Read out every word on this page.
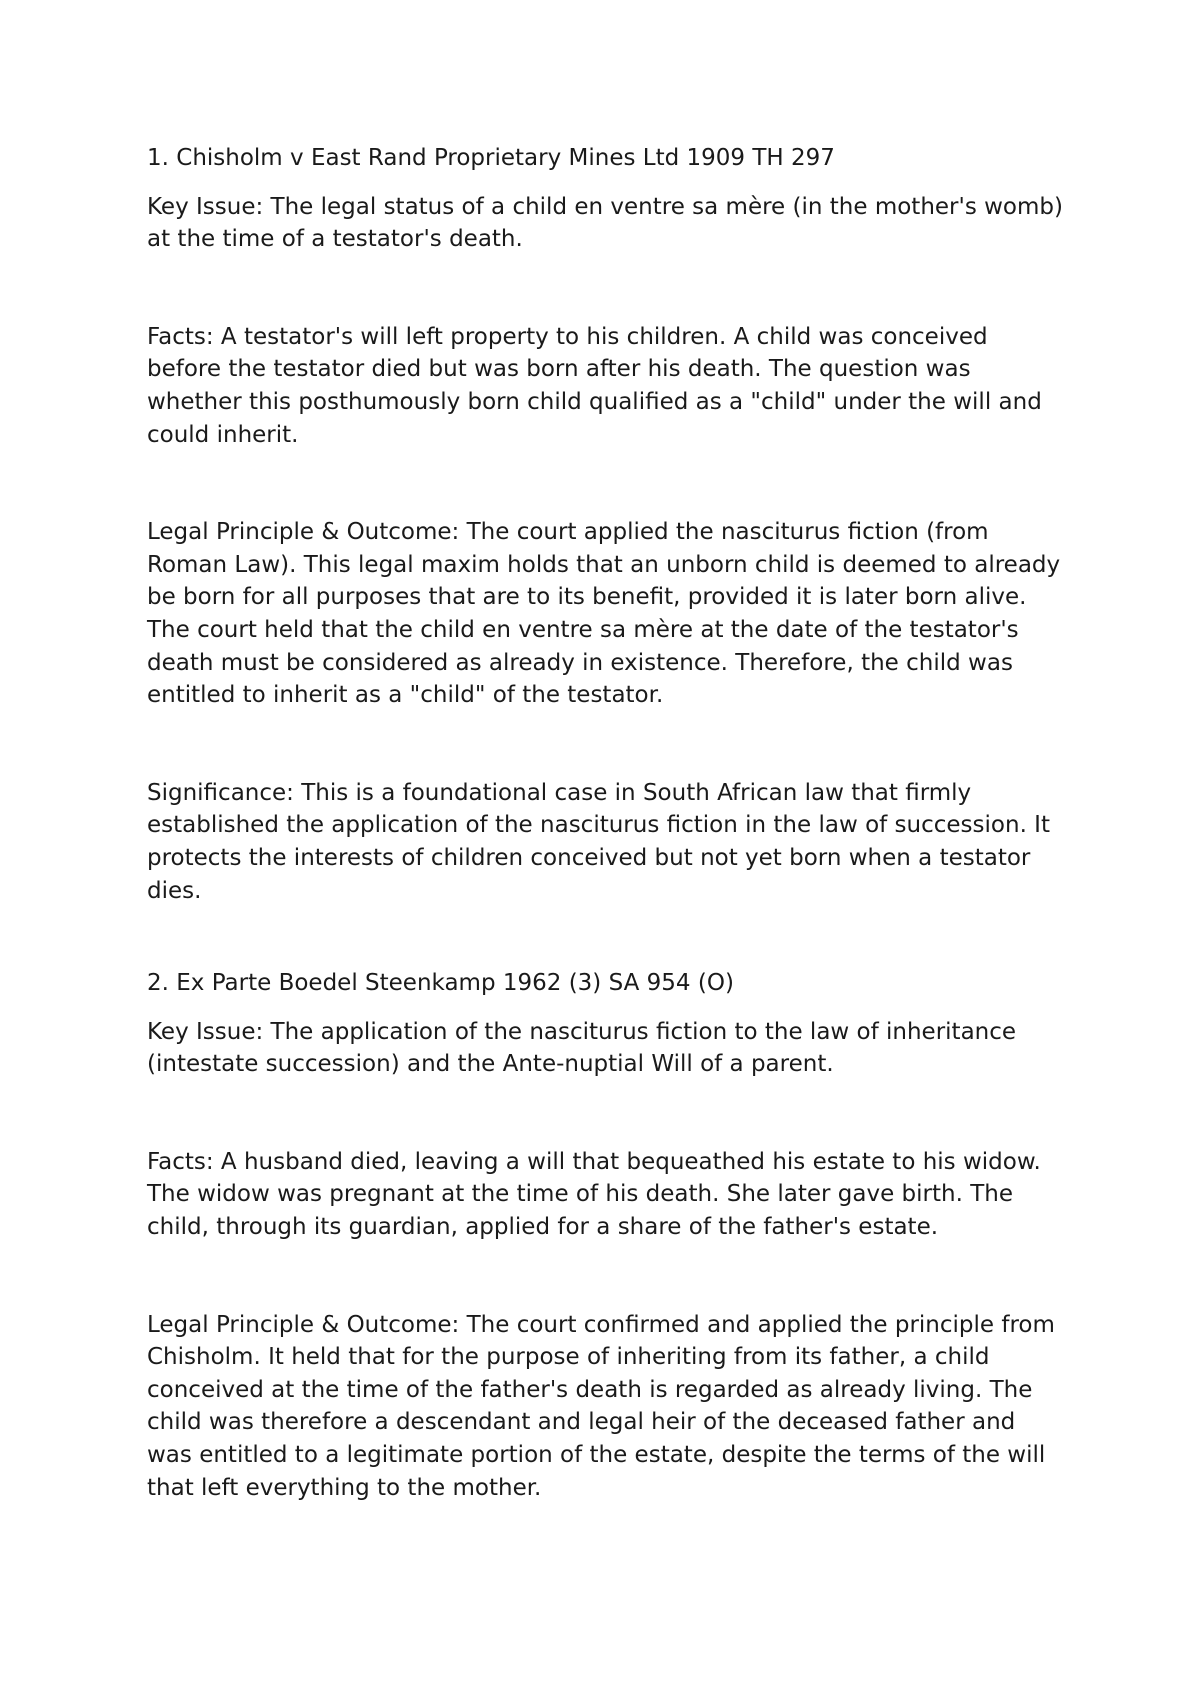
1. Chisholm v East Rand Proprietary Mines Ltd 1909 TH 297

Key Issue: The legal status of a child en ventre sa mère (in the mother's womb) at the time of a testator's death.

Facts: A testator's will left property to his children. A child was conceived before the testator died but was born after his death. The question was whether this posthumously born child qualified as a "child" under the will and could inherit.

Legal Principle & Outcome: The court applied the nasciturus fiction (from Roman Law). This legal maxim holds that an unborn child is deemed to already be born for all purposes that are to its benefit, provided it is later born alive. The court held that the child en ventre sa mère at the date of the testator's death must be considered as already in existence. Therefore, the child was entitled to inherit as a "child" of the testator.

Significance: This is a foundational case in South African law that firmly established the application of the nasciturus fiction in the law of succession. It protects the interests of children conceived but not yet born when a testator dies.

2. Ex Parte Boedel Steenkamp 1962 (3) SA 954 (O)

Key Issue: The application of the nasciturus fiction to the law of inheritance (intestate succession) and the Ante-nuptial Will of a parent.

Facts: A husband died, leaving a will that bequeathed his estate to his widow. The widow was pregnant at the time of his death. She later gave birth. The child, through its guardian, applied for a share of the father's estate.

Legal Principle & Outcome: The court confirmed and applied the principle from Chisholm. It held that for the purpose of inheriting from its father, a child conceived at the time of the father's death is regarded as already living. The child was therefore a descendant and legal heir of the deceased father and was entitled to a legitimate portion of the estate, despite the terms of the will that left everything to the mother.
